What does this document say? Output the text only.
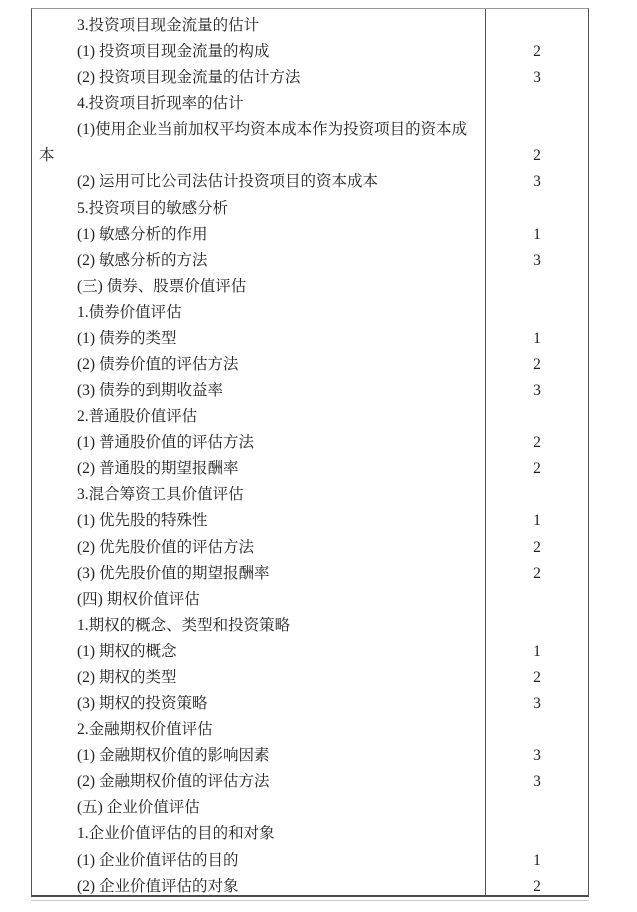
3.投资项目现金流量的估计
(1) 投资项目现金流量的构成
(2) 投资项目现金流量的估计方法
4.投资项目折现率的估计
(1)使用企业当前加权平均资本成本作为投资项目的资本成
本
(2) 运用可比公司法估计投资项目的资本成本
5.投资项目的敏感分析
(1) 敏感分析的作用
(2) 敏感分析的方法
(三) 债券、股票价值评估
1.债券价值评估
(1) 债券的类型
(2) 债券价值的评估方法
(3) 债券的到期收益率
2.普通股价值评估
(1) 普通股价值的评估方法
(2) 普通股的期望报酬率
3.混合筹资工具价值评估
(1) 优先股的特殊性
(2) 优先股价值的评估方法
(3) 优先股价值的期望报酬率
(四) 期权价值评估
1.期权的概念、类型和投资策略
(1) 期权的概念
(2) 期权的类型
(3) 期权的投资策略
2.金融期权价值评估
(1) 金融期权价值的影响因素
(2) 金融期权价值的评估方法
(五) 企业价值评估
1.企业价值评估的目的和对象
(1) 企业价值评估的目的
(2) 企业价值评估的对象
2
3
2
3
1
3
1
2
3
2
2
1
2
2
1
2
3
3
3
1
2
